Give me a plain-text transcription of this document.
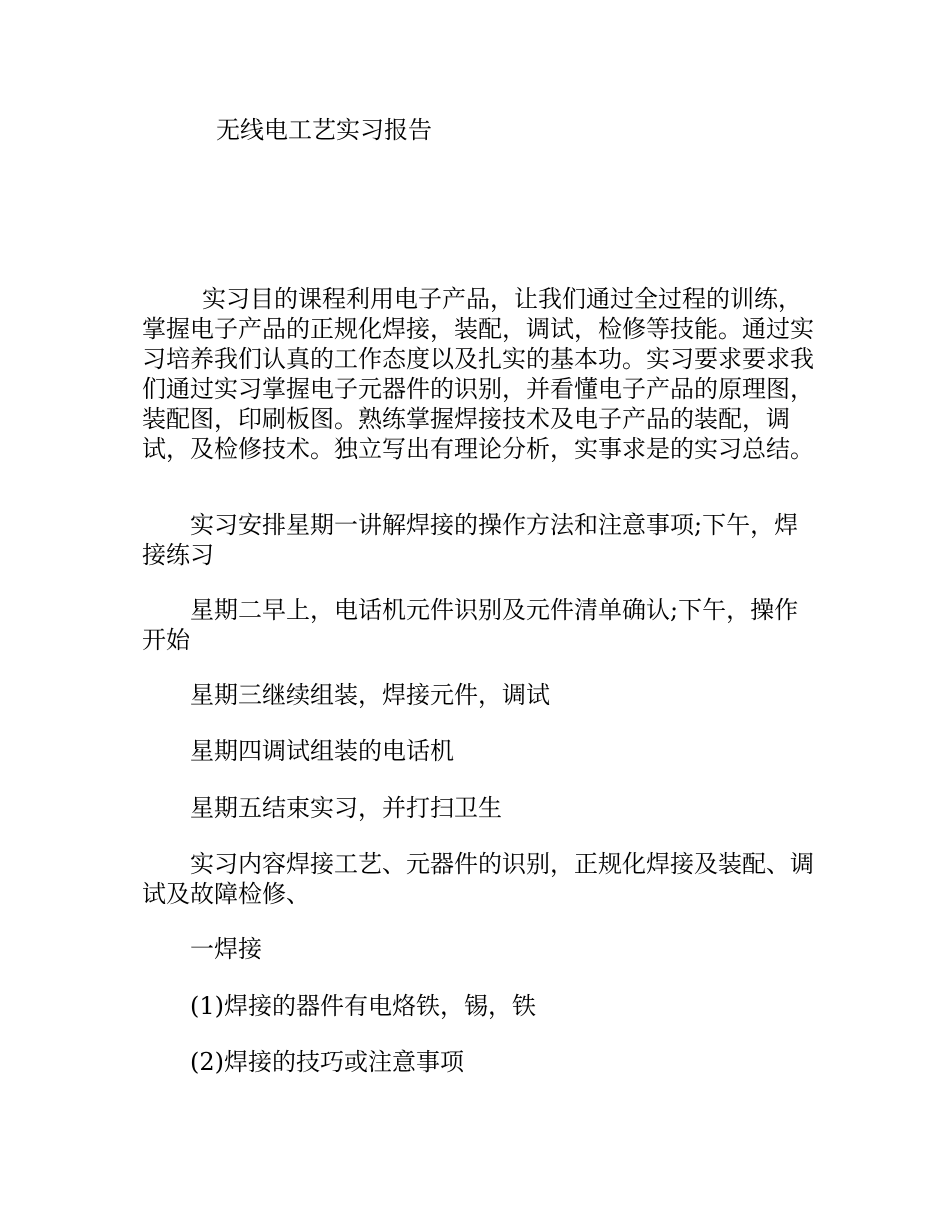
无线电工艺实习报告

实习目的课程利用电子产品，让我们通过全过程的训练，掌握电子产品的正规化焊接，装配，调试，检修等技能。通过实习培养我们认真的工作态度以及扎实的基本功。实习要求要求我们通过实习掌握电子元器件的识别，并看懂电子产品的原理图，装配图，印刷板图。熟练掌握焊接技术及电子产品的装配，调试，及检修技术。独立写出有理论分析，实事求是的实习总结。

实习安排星期一讲解焊接的操作方法和注意事项;下午，焊接练习

星期二早上，电话机元件识别及元件清单确认;下午，操作开始

星期三继续组装，焊接元件，调试

星期四调试组装的电话机

星期五结束实习，并打扫卫生

实习内容焊接工艺、元器件的识别，正规化焊接及装配、调试及故障检修、

一焊接

(1)焊接的器件有电烙铁，锡，铁

(2)焊接的技巧或注意事项
